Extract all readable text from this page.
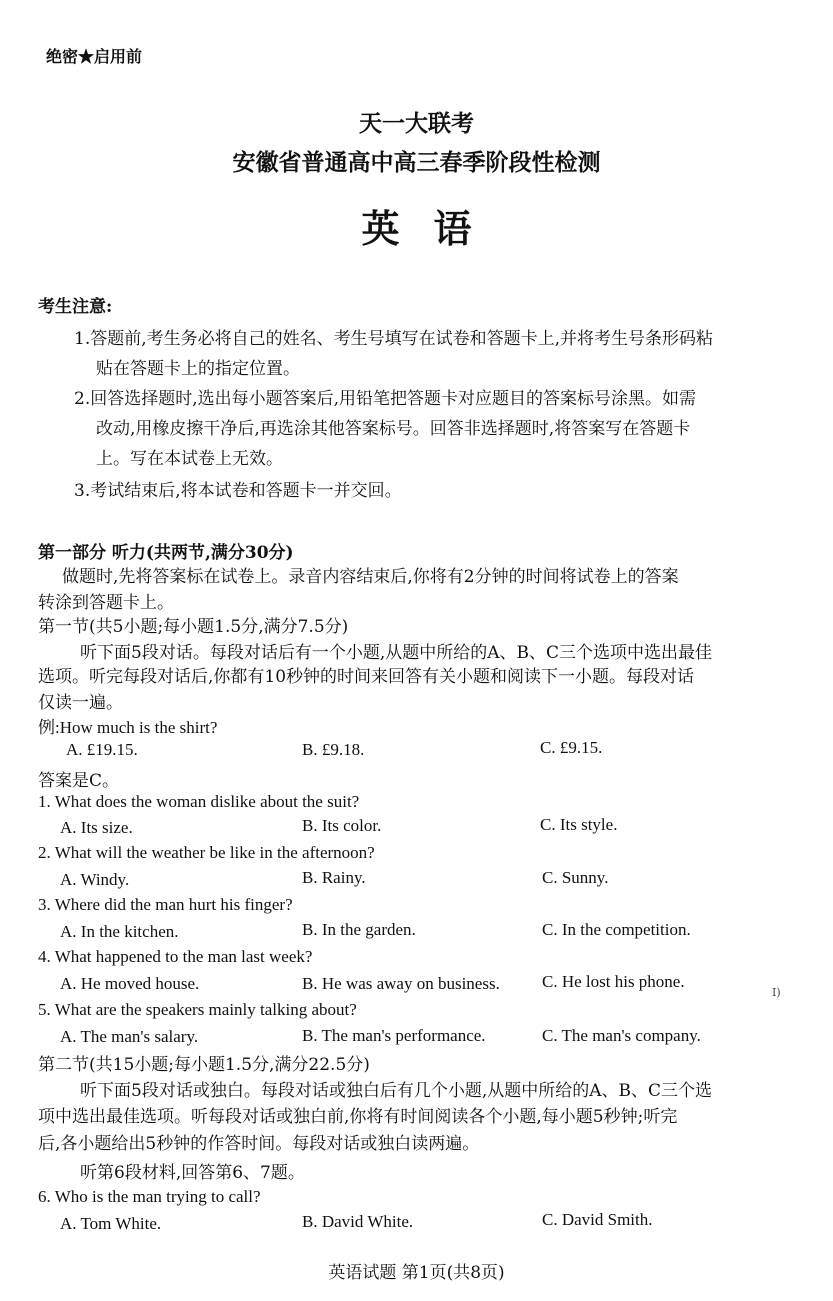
绝密★启用前
天一大联考
安徽省普通高中高三春季阶段性检测
英语
考生注意:
1.答题前,考生务必将自己的姓名、考生号填写在试卷和答题卡上,并将考生号条形码粘
贴在答题卡上的指定位置。
2.回答选择题时,选出每小题答案后,用铅笔把答题卡对应题目的答案标号涂黑。如需
改动,用橡皮擦干净后,再选涂其他答案标号。回答非选择题时,将答案写在答题卡
上。写在本试卷上无效。
3.考试结束后,将本试卷和答题卡一并交回。
第一部分 听力(共两节,满分30分)
做题时,先将答案标在试卷上。录音内容结束后,你将有2分钟的时间将试卷上的答案
转涂到答题卡上。
第一节(共5小题;每小题1.5分,满分7.5分)
听下面5段对话。每段对话后有一个小题,从题中所给的A、B、C三个选项中选出最佳
选项。听完每段对话后,你都有10秒钟的时间来回答有关小题和阅读下一小题。每段对话
仅读一遍。
例:How much is the shirt?
A. £19.15.	B. £9.18.	C. £9.15.
答案是C。
1. What does the woman dislike about the suit?
A. Its size.	B. Its color.	C. Its style.
2. What will the weather be like in the afternoon?
A. Windy.	B. Rainy.	C. Sunny.
3. Where did the man hurt his finger?
A. In the kitchen.	B. In the garden.	C. In the competition.
4. What happened to the man last week?
A. He moved house.	B. He was away on business. C. He lost his phone.
5. What are the speakers mainly talking about?
A. The man's salary.	B. The man's performance.	C. The man's company.
第二节(共15小题;每小题1.5分,满分22.5分)
听下面5段对话或独白。每段对话或独白后有几个小题,从题中所给的A、B、C三个选
项中选出最佳选项。听每段对话或独白前,你将有时间阅读各个小题,每小题5秒钟;听完
后,各小题给出5秒钟的作答时间。每段对话或独白读两遍。
听第6段材料,回答第6、7题。
6. Who is the man trying to call?
A. Tom White.	B. David White.	C. David Smith.
I)
英语试题 第1页(共8页)
